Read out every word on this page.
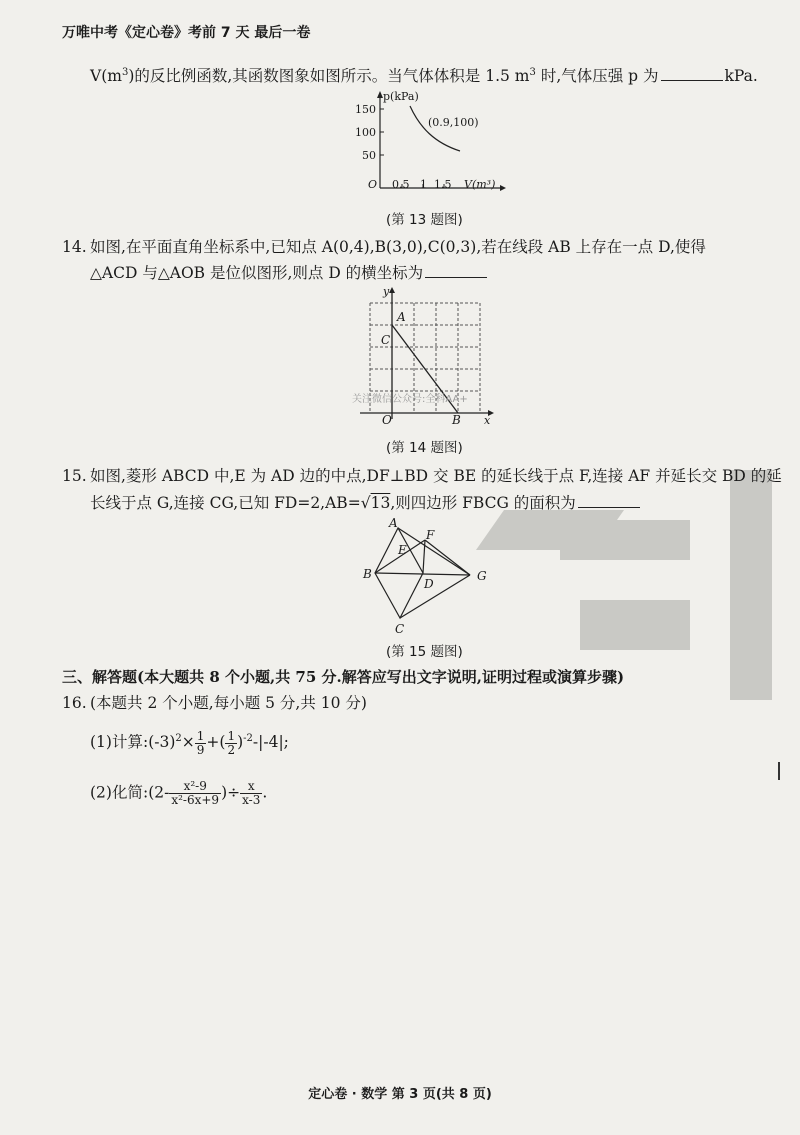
万唯中考《定心卷》考前 7 天 最后一卷
$V(m^3)$的反比例函数,其函数图象如图所示。当气体体积是 1.5 $m^3$ 时,气体压强 p 为	kPa.
p(kPa)
150
100
50
O 0.5 1 1.5 V(m³)
(0.9,100)
(第 13 题图)
14. 如图,在平面直角坐标系中,已知点 A(0,4),B(3,0),C(0,3),若在线段 AB 上存在一点 D,使得
△ACD 与△AOB 是位似图形,则点 D 的横坐标为
y
A
C
O	B x
关注微信公众号:全科AA+
(第 14 题图)
15. 如图,菱形 ABCD 中,E 为 AD 边的中点,DF⊥BD 交 BE 的延长线于点 F,连接 AF 并延长交 BD 的延
长线于点 G,连接 CG,已知 FD=2,AB=√13,则四边形 FBCG 的面积为
A
F
E
B
D
G
C
(第 15 题图)
三、解答题(本大题共 8 个小题,共 75 分.解答应写出文字说明,证明过程或演算步骤)
16. (本题共 2 个小题,每小题 5 分,共 10 分)
(1)计算$:(-3)^2\times \frac{1}{9}$ +( $\frac{1}{2} )^{-2}-|-4|$;
(2)化简:(2- $\frac{\text{x²-9}}{\text{x²-6x+9}}$ )÷ $\frac{x}{x-3}$ .
定心卷 · 数学 第 3 页(共 8 页)
